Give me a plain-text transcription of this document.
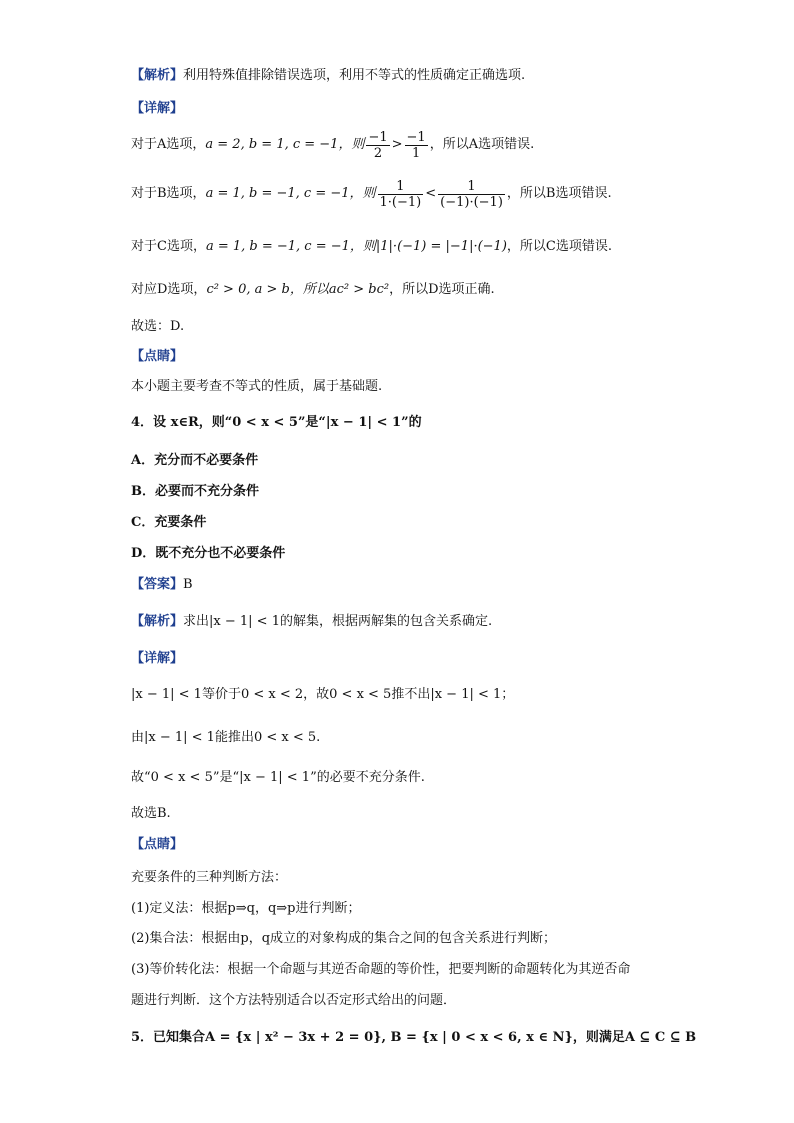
【解析】利用特殊值排除错误选项，利用不等式的性质确定正确选项.
【详解】
对于A选项， a = 2, b = 1, c = −1，则 $\frac{-1}{2} > \frac{-1}{1}$ ，所以A选项错误.
对于B选项， a = 1, b = −1, c = −1，则 $\frac{1}{1\cdot(-1)} < \frac{1}{(-1)\cdot(-1)}$ ，所以B选项错误.
对于C选项，a = 1, b = −1, c = −1，则|1|·(−1) = |−1|·(−1)，所以C选项错误.
对应D选项，c² > 0, a > b，所以ac² > bc²，所以D选项正确.
故选：D.
【点睛】
本小题主要考查不等式的性质，属于基础题.
4．设 x∈R，则“0 < x < 5”是“|x − 1| < 1”的
A．充分而不必要条件
B．必要而不充分条件
C．充要条件
D．既不充分也不必要条件
【答案】B
【解析】求出|x − 1| < 1的解集，根据两解集的包含关系确定.
【详解】
|x − 1| < 1等价于0 < x < 2，故0 < x < 5推不出|x − 1| < 1；
由|x − 1| < 1能推出0 < x < 5.
故“0 < x < 5”是“|x − 1| < 1”的必要不充分条件.
故选B.
【点睛】
充要条件的三种判断方法：
(1)定义法：根据p⇒q，q⇒p进行判断；
(2)集合法：根据由p，q成立的对象构成的集合之间的包含关系进行判断；
(3)等价转化法：根据一个命题与其逆否命题的等价性，把要判断的命题转化为其逆否命
题进行判断．这个方法特别适合以否定形式给出的问题．
5．已知集合A = {x | x² − 3x + 2 = 0}, B = {x | 0 < x < 6, x ∈ N}，则满足A ⊆ C ⊆ B
